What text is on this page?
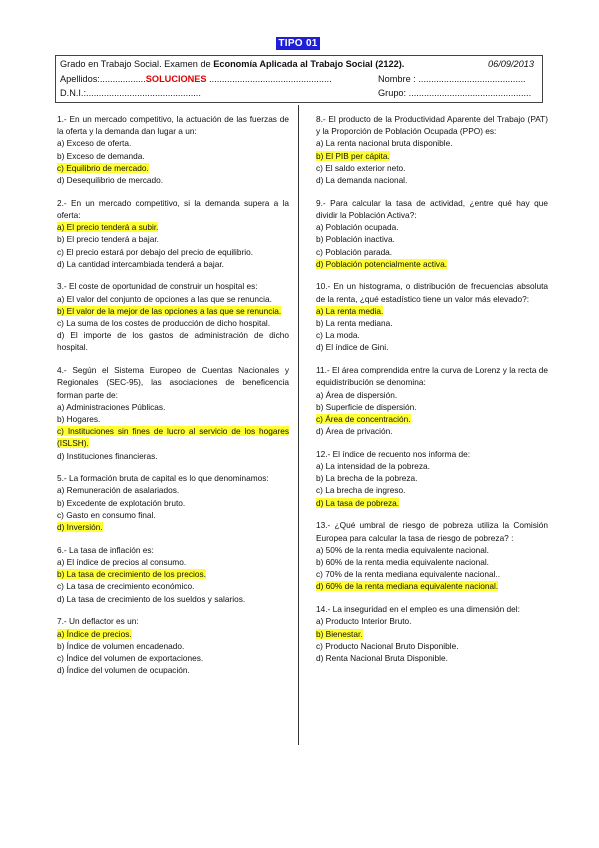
TIPO 01
Grado en Trabajo Social. Examen de Economía Aplicada al Trabajo Social (2122).	06/09/2013
Apellidos:..................SOLUCIONES ................................................	Nombre : ..........................................
D.N.I.:.............................................	Grupo: ................................................
1.- En un mercado competitivo, la actuación de las fuerzas de la oferta y la demanda dan lugar a un:
a) Exceso de oferta.
b) Exceso de demanda.
c) Equilibrio de mercado.
d) Desequilibrio de mercado.
2.- En un mercado competitivo, si la demanda supera a la oferta:
a) El precio tenderá a subir.
b) El precio tenderá a bajar.
c) El precio estará por debajo del precio de equilibrio.
d) La cantidad intercambiada tenderá a bajar.
3.- El coste de oportunidad de construir un hospital es:
a) El valor del conjunto de opciones a las que se renuncia.
b) El valor de la mejor de las opciones a las que se renuncia.
c) La suma de los costes de producción de dicho hospital.
d) El importe de los gastos de administración de dicho hospital.
4.- Según el Sistema Europeo de Cuentas Nacionales y Regionales (SEC-95), las asociaciones de beneficencia forman parte de:
a) Administraciones Públicas.
b) Hogares.
c) Instituciones sin fines de lucro al servicio de los hogares (ISLSH).
d) Instituciones financieras.
5.- La formación bruta de capital es lo que denominamos:
a) Remuneración de asalariados.
b) Excedente de explotación bruto.
c) Gasto en consumo final.
d) Inversión.
6.- La tasa de inflación es:
a) El índice de precios al consumo.
b) La tasa de crecimiento de los precios.
c) La tasa de crecimiento económico.
d) La tasa de crecimiento de los sueldos y salarios.
7.- Un deflactor es un:
a) Índice de precios.
b) Índice de volumen encadenado.
c) Índice del volumen de exportaciones.
d) Índice del volumen de ocupación.
8.- El producto de la Productividad Aparente del Trabajo (PAT) y la Proporción de Población Ocupada (PPO) es:
a) La renta nacional bruta disponible.
b) El PIB per cápita.
c) El saldo exterior neto.
d) La demanda nacional.
9.- Para calcular la tasa de actividad, ¿entre qué hay que dividir la Población Activa?:
a) Población ocupada.
b) Población inactiva.
c) Población parada.
d) Población potencialmente activa.
10.- En un histograma, o distribución de frecuencias absoluta de la renta, ¿qué estadístico tiene un valor más elevado?:
a) La renta media.
b) La renta mediana.
c) La moda.
d) El índice de Gini.
11.- El área comprendida entre la curva de Lorenz y la recta de equidistribución se denomina:
a) Área de dispersión.
b) Superficie de dispersión.
c) Área de concentración.
d) Área de privación.
12.- El índice de recuento nos informa de:
a) La intensidad de la pobreza.
b) La brecha de la pobreza.
c) La brecha de ingreso.
d) La tasa de pobreza.
13.- ¿Qué umbral de riesgo de pobreza utiliza la Comisión Europea para calcular la tasa de riesgo de pobreza? :
a) 50% de la renta media equivalente nacional.
b) 60% de la renta media equivalente nacional.
c) 70% de la renta mediana equivalente nacional..
d) 60% de la renta mediana equivalente nacional.
14.- La inseguridad en el empleo es una dimensión del:
a) Producto Interior Bruto.
b) Bienestar.
c) Producto Nacional Bruto Disponible.
d) Renta Nacional Bruta Disponible.
